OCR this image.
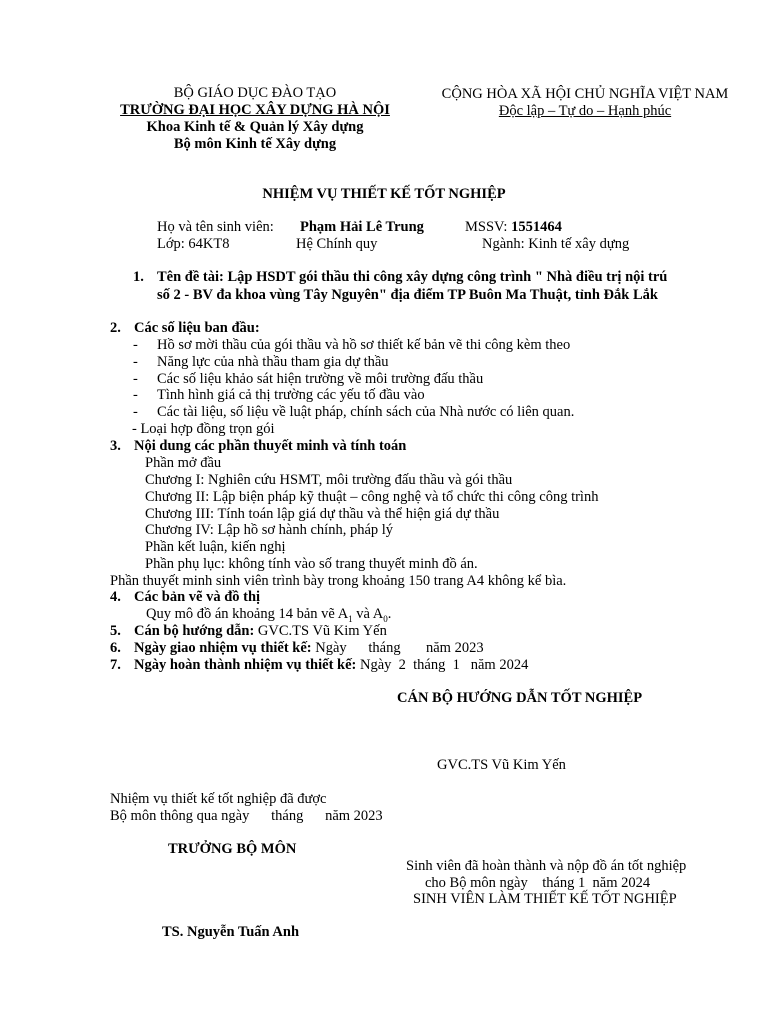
BỘ GIÁO DỤC ĐÀO TẠO
TRƯỜNG ĐẠI HỌC XÂY DỰNG HÀ NỘI
Khoa Kinh tế & Quản lý Xây dựng
Bộ môn Kinh tế Xây dựng
CỘNG HÒA XÃ HỘI CHỦ NGHĨA VIỆT NAM
Độc lập – Tự do – Hạnh phúc
NHIỆM VỤ THIẾT KẾ TỐT NGHIỆP
Họ và tên sinh viên: Phạm Hải Lê Trung	MSSV: 1551464
Lớp: 64KT8	Hệ Chính quy	Ngành: Kinh tế xây dựng
1. Tên đề tài: Lập HSDT gói thầu thi công xây dựng công trình " Nhà điều trị nội trú
số 2 - BV đa khoa vùng Tây Nguyên" địa điểm TP Buôn Ma Thuật, tỉnh Đắk Lắk
2. Các số liệu ban đầu:
- Hồ sơ mời thầu của gói thầu và hồ sơ thiết kế bản vẽ thi công kèm theo
- Năng lực của nhà thầu tham gia dự thầu
- Các số liệu khảo sát hiện trường về môi trường đấu thầu
- Tình hình giá cả thị trường các yếu tố đầu vào
- Các tài liệu, số liệu về luật pháp, chính sách của Nhà nước có liên quan.
- Loại hợp đồng trọn gói
3. Nội dung các phần thuyết minh và tính toán
Phần mở đầu
Chương I: Nghiên cứu HSMT, môi trường đấu thầu và gói thầu
Chương II: Lập biện pháp kỹ thuật – công nghệ và tổ chức thi công công trình
Chương III: Tính toán lập giá dự thầu và thể hiện giá dự thầu
Chương IV: Lập hồ sơ hành chính, pháp lý
Phần kết luận, kiến nghị
Phần phụ lục: không tính vào số trang thuyết minh đồ án.
Phần thuyết minh sinh viên trình bày trong khoảng 150 trang A4 không kể bìa.
4. Các bản vẽ và đồ thị
Quy mô đồ án khoảng 14 bản vẽ $A_1$ và $A_0$.
5. Cán bộ hướng dẫn: GVC.TS Vũ Kim Yến
6. Ngày giao nhiệm vụ thiết kế: Ngày      tháng       năm 2023
7. Ngày hoàn thành nhiệm vụ thiết kế: Ngày  2  tháng  1   năm 2024
CÁN BỘ HƯỚNG DẪN TỐT NGHIỆP
GVC.TS Vũ Kim Yến
Nhiệm vụ thiết kế tốt nghiệp đã được
Bộ môn thông qua ngày      tháng      năm 2023
TRƯỞNG BỘ MÔN
TS. Nguyễn Tuấn Anh
Sinh viên đã hoàn thành và nộp đồ án tốt nghiệp
cho Bộ môn ngày    tháng 1  năm 2024
SINH VIÊN LÀM THIẾT KẾ TỐT NGHIỆP
